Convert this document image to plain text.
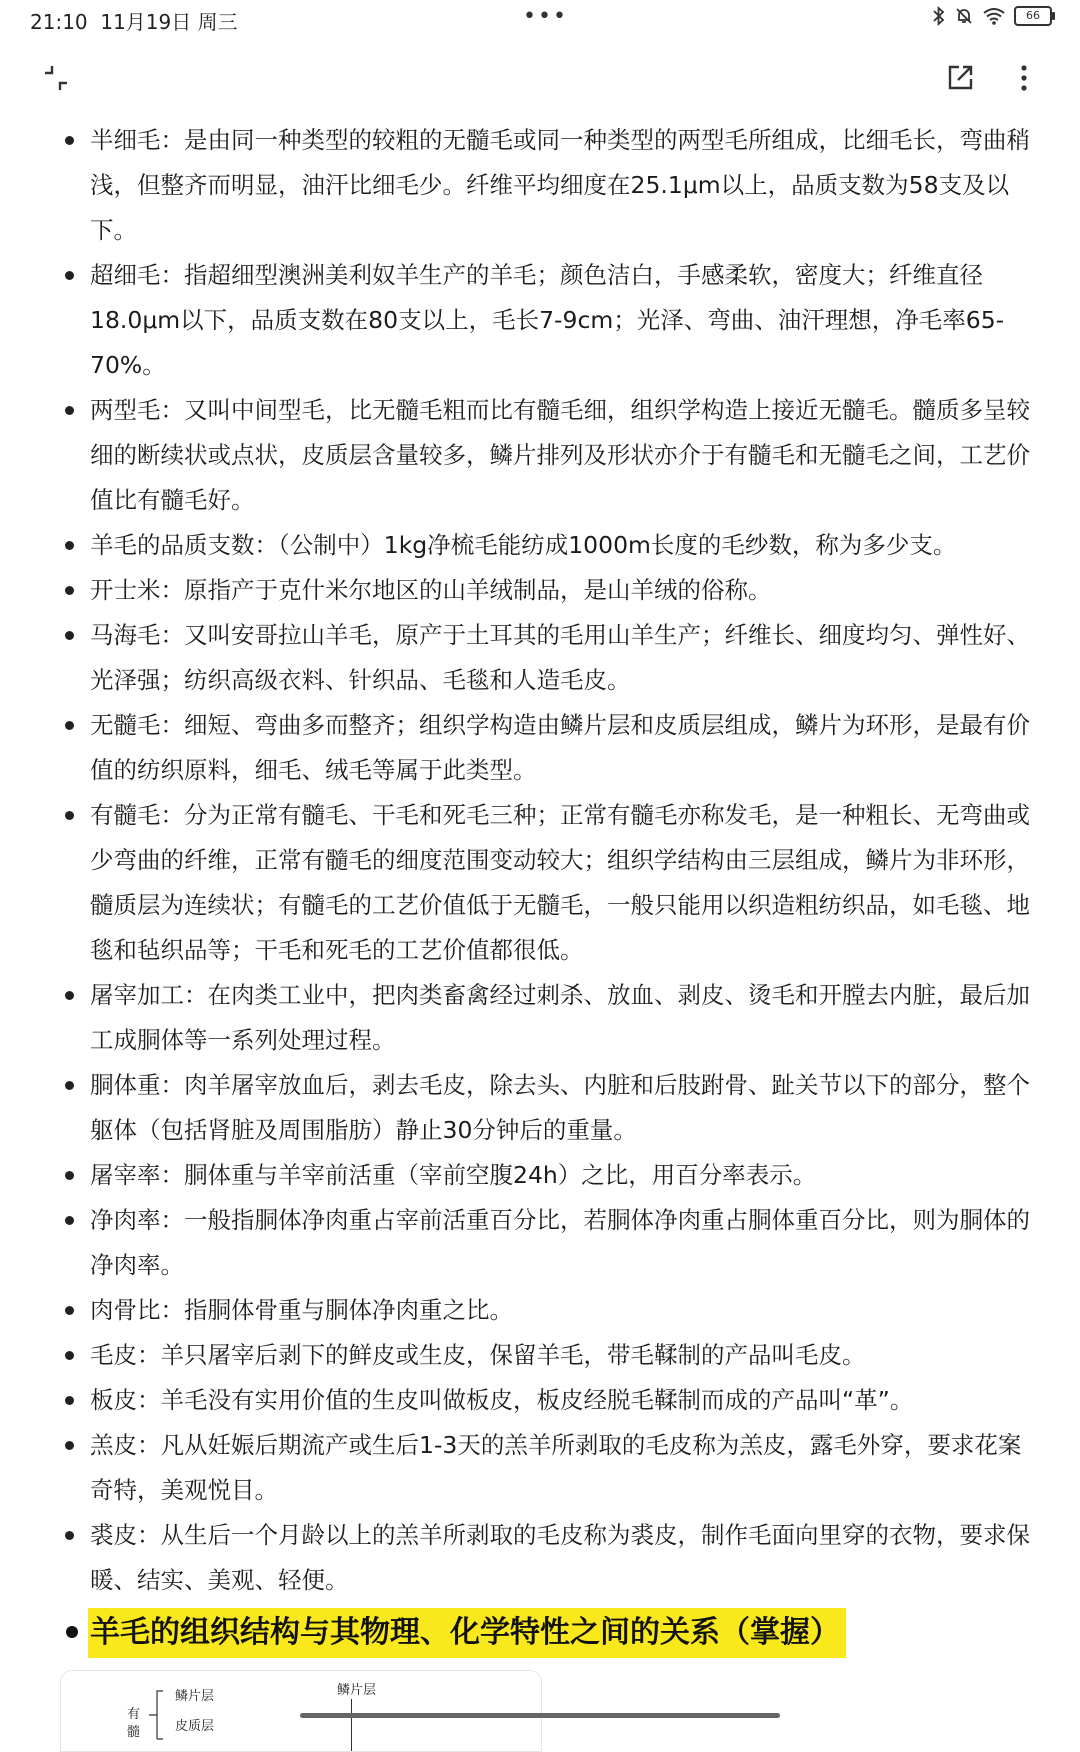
21:10 11月19日 周三	•••	66
半细毛：是由同一种类型的较粗的无髓毛或同一种类型的两型毛所组成，比细毛长，弯曲稍浅，但整齐而明显，油汗比细毛少。纤维平均细度在25.1μm以上，品质支数为58支及以下。
超细毛：指超细型澳洲美利奴羊生产的羊毛；颜色洁白，手感柔软，密度大；纤维直径18.0μm以下，品质支数在80支以上，毛长7-9cm；光泽、弯曲、油汗理想，净毛率65-70%。
两型毛：又叫中间型毛，比无髓毛粗而比有髓毛细，组织学构造上接近无髓毛。髓质多呈较细的断续状或点状，皮质层含量较多，鳞片排列及形状亦介于有髓毛和无髓毛之间，工艺价值比有髓毛好。
羊毛的品质支数：（公制中）1kg净梳毛能纺成1000m长度的毛纱数，称为多少支。
开士米：原指产于克什米尔地区的山羊绒制品，是山羊绒的俗称。
马海毛：又叫安哥拉山羊毛，原产于土耳其的毛用山羊生产；纤维长、细度均匀、弹性好、光泽强；纺织高级衣料、针织品、毛毯和人造毛皮。
无髓毛：细短、弯曲多而整齐；组织学构造由鳞片层和皮质层组成，鳞片为环形，是最有价值的纺织原料，细毛、绒毛等属于此类型。
有髓毛：分为正常有髓毛、干毛和死毛三种；正常有髓毛亦称发毛，是一种粗长、无弯曲或少弯曲的纤维，正常有髓毛的细度范围变动较大；组织学结构由三层组成，鳞片为非环形，髓质层为连续状；有髓毛的工艺价值低于无髓毛，一般只能用以织造粗纺织品，如毛毯、地毯和毡织品等；干毛和死毛的工艺价值都很低。
屠宰加工：在肉类工业中，把肉类畜禽经过刺杀、放血、剥皮、烫毛和开膛去内脏，最后加工成胴体等一系列处理过程。
胴体重：肉羊屠宰放血后，剥去毛皮，除去头、内脏和后肢跗骨、趾关节以下的部分，整个躯体（包括肾脏及周围脂肪）静止30分钟后的重量。
屠宰率：胴体重与羊宰前活重（宰前空腹24h）之比，用百分率表示。
净肉率：一般指胴体净肉重占宰前活重百分比，若胴体净肉重占胴体重百分比，则为胴体的净肉率。
肉骨比：指胴体骨重与胴体净肉重之比。
毛皮：羊只屠宰后剥下的鲜皮或生皮，保留羊毛，带毛鞣制的产品叫毛皮。
板皮：羊毛没有实用价值的生皮叫做板皮，板皮经脱毛鞣制而成的产品叫“革”。
羔皮：凡从妊娠后期流产或生后1-3天的羔羊所剥取的毛皮称为羔皮，露毛外穿，要求花案奇特，美观悦目。
裘皮：从生后一个月龄以上的羔羊所剥取的毛皮称为裘皮，制作毛面向里穿的衣物，要求保暖、结实、美观、轻便。
羊毛的组织结构与其物理、化学特性之间的关系（掌握）
有
髓
鳞片层
皮质层
鳞片层
